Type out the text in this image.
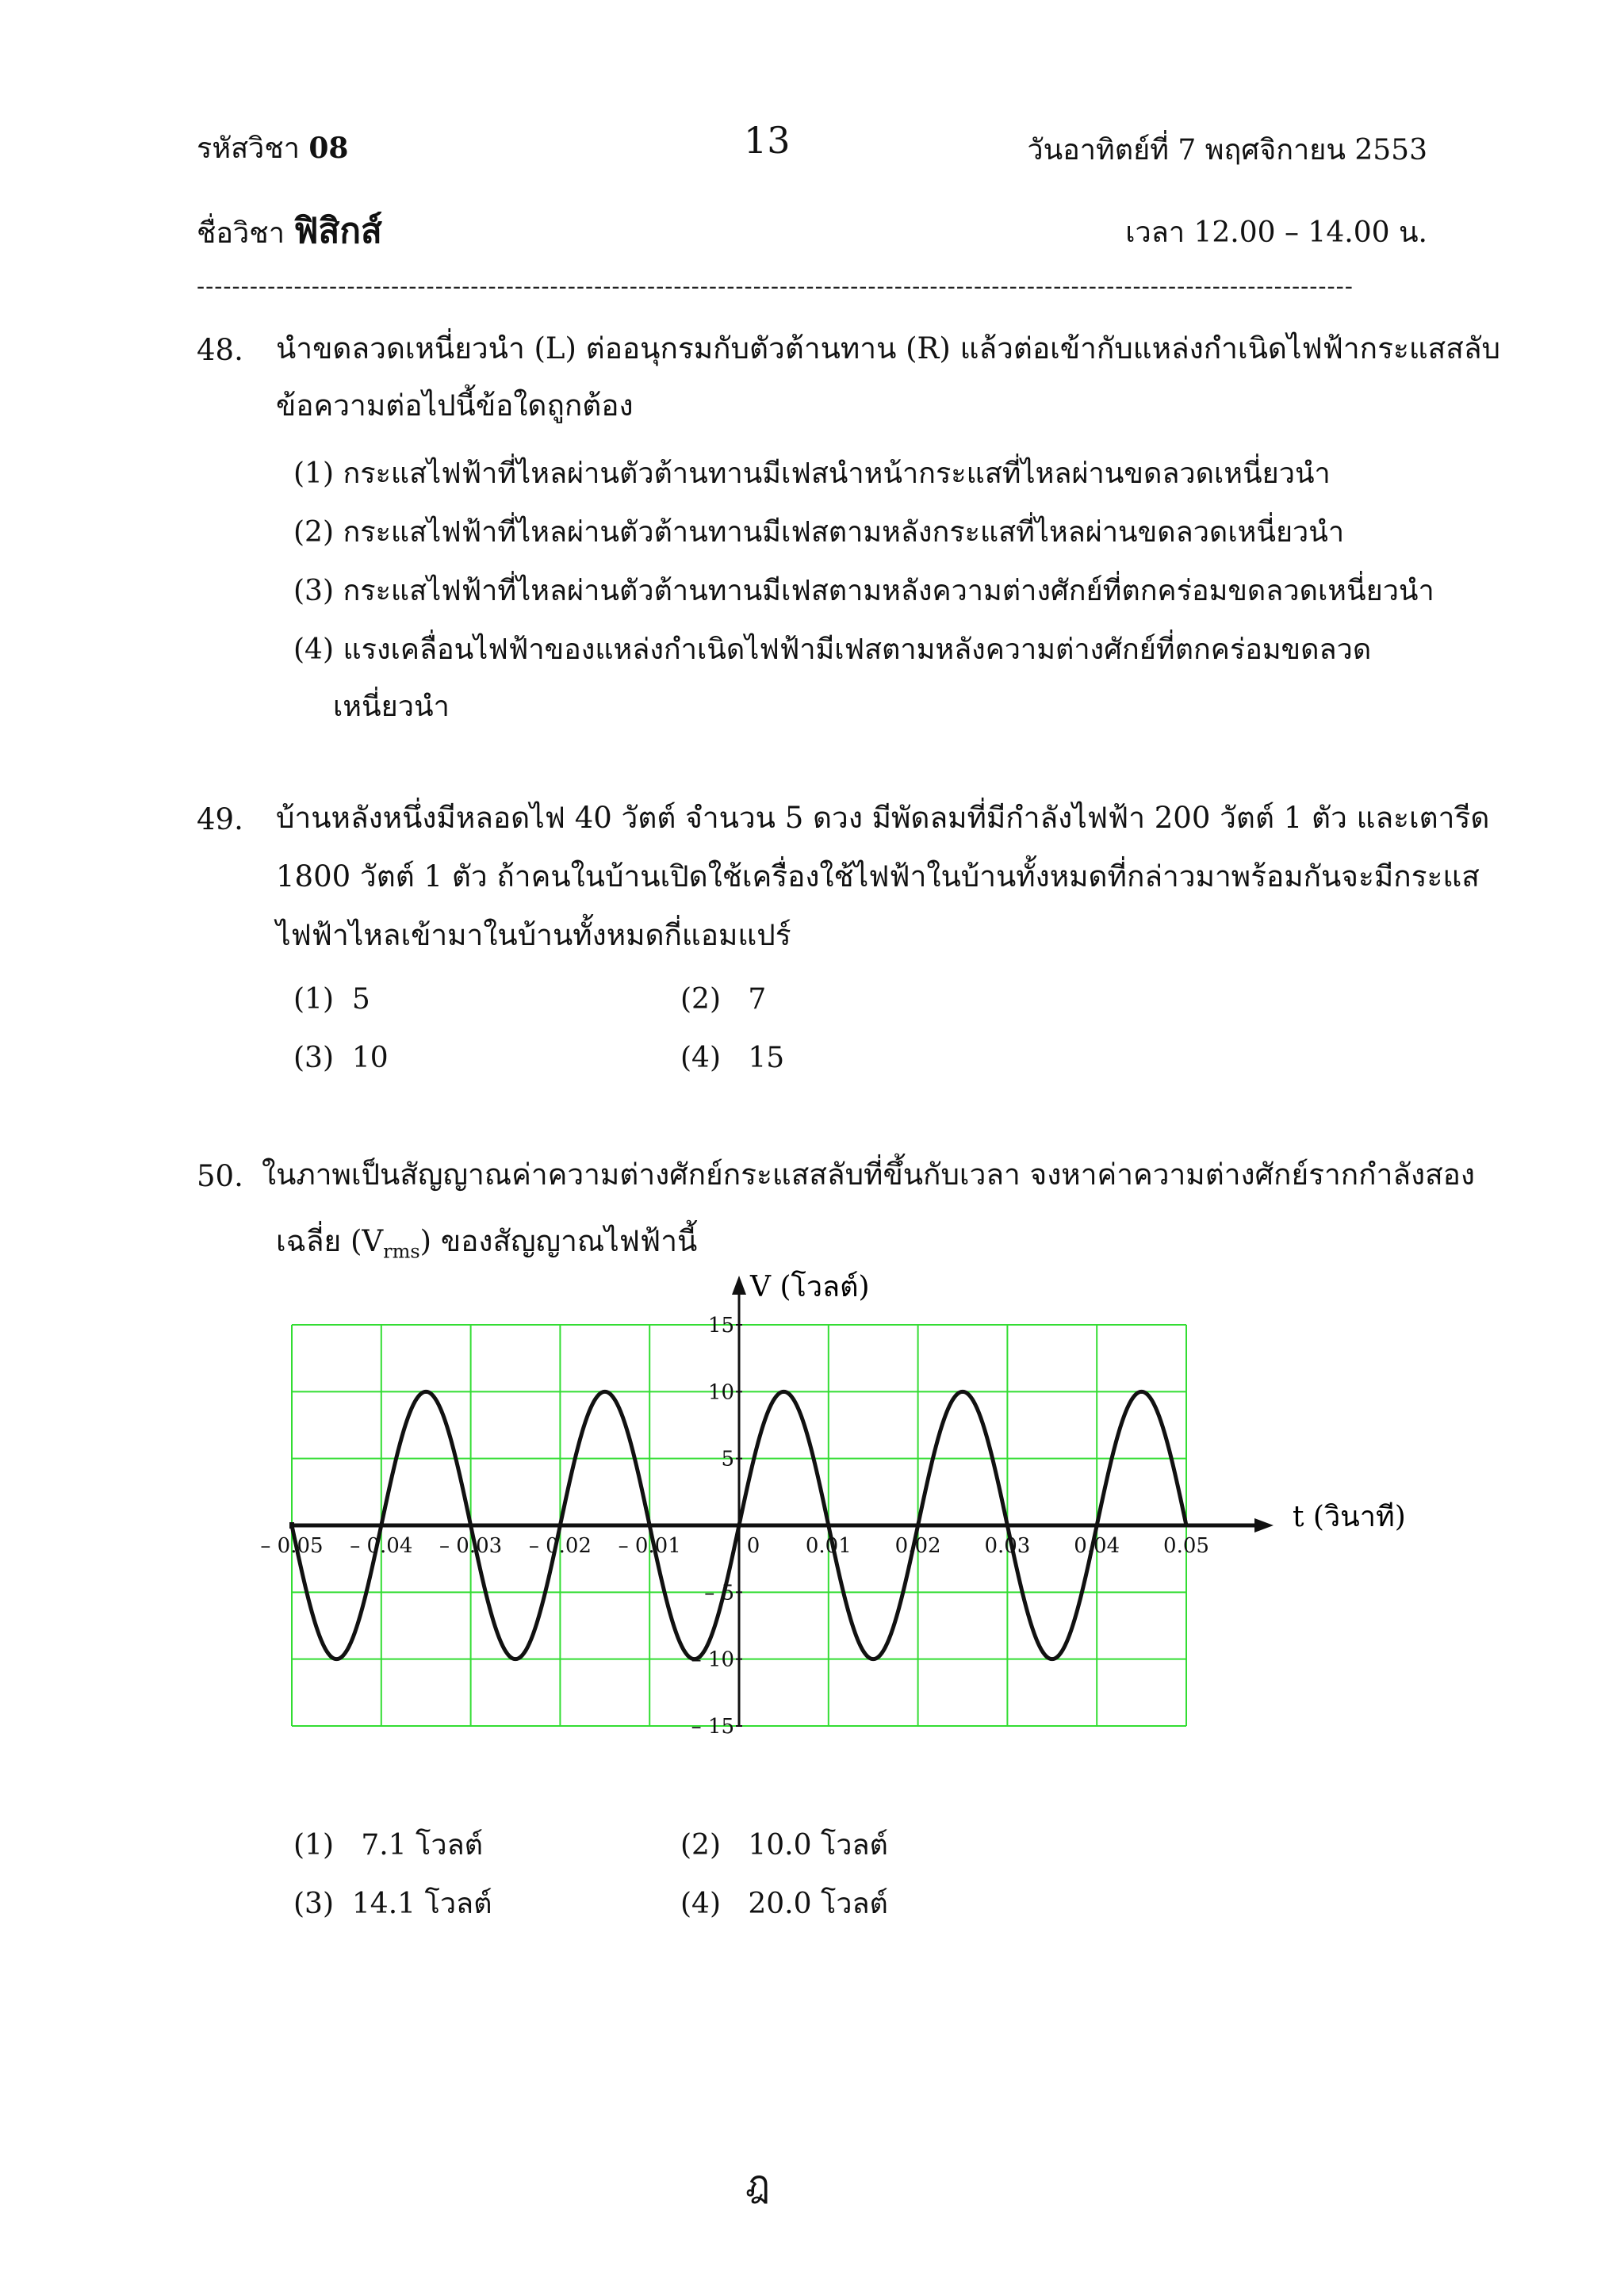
รหัสวิชา 08	13	วันอาทิตย์ที่ 7 พฤศจิกายน 2553
ชื่อวิชา ฟิสิกส์	เวลา 12.00 – 14.00 น.
-----------------------------------------------------------------------------------------------------------------------------------
48. นำขดลวดเหนี่ยวนำ (L) ต่ออนุกรมกับตัวต้านทาน (R) แล้วต่อเข้ากับแหล่งกำเนิดไฟฟ้ากระแสสลับ
ข้อความต่อไปนี้ข้อใดถูกต้อง
(1) กระแสไฟฟ้าที่ไหลผ่านตัวต้านทานมีเฟสนำหน้ากระแสที่ไหลผ่านขดลวดเหนี่ยวนำ
(2) กระแสไฟฟ้าที่ไหลผ่านตัวต้านทานมีเฟสตามหลังกระแสที่ไหลผ่านขดลวดเหนี่ยวนำ
(3) กระแสไฟฟ้าที่ไหลผ่านตัวต้านทานมีเฟสตามหลังความต่างศักย์ที่ตกคร่อมขดลวดเหนี่ยวนำ
(4) แรงเคลื่อนไฟฟ้าของแหล่งกำเนิดไฟฟ้ามีเฟสตามหลังความต่างศักย์ที่ตกคร่อมขดลวด
เหนี่ยวนำ
49. บ้านหลังหนึ่งมีหลอดไฟ 40 วัตต์ จำนวน 5 ดวง มีพัดลมที่มีกำลังไฟฟ้า 200 วัตต์ 1 ตัว และเตารีด
1800 วัตต์ 1 ตัว ถ้าคนในบ้านเปิดใช้เครื่องใช้ไฟฟ้าในบ้านทั้งหมดที่กล่าวมาพร้อมกันจะมีกระแส
ไฟฟ้าไหลเข้ามาในบ้านทั้งหมดกี่แอมแปร์
(1) 5	(2) 7
(3) 10	(4) 15
50. ในภาพเป็นสัญญาณค่าความต่างศักย์กระแสสลับที่ขึ้นกับเวลา จงหาค่าความต่างศักย์รากกำลังสอง
เฉลี่ย $(V_{rms})$ ของสัญญาณไฟฟ้านี้
– 0.05 – 0.04 – 0.03 – 0.02 – 0.01	0 0.01 0.02 0.03 0.04 0.05
15
10
5
– 5
– 10
– 15
V (โวลต์)
t (วินาที)
(1) 7.1 โวลต์	(2) 10.0 โวลต์
(3) 14.1 โวลต์	(4) 20.0 โวลต์
ฎ
